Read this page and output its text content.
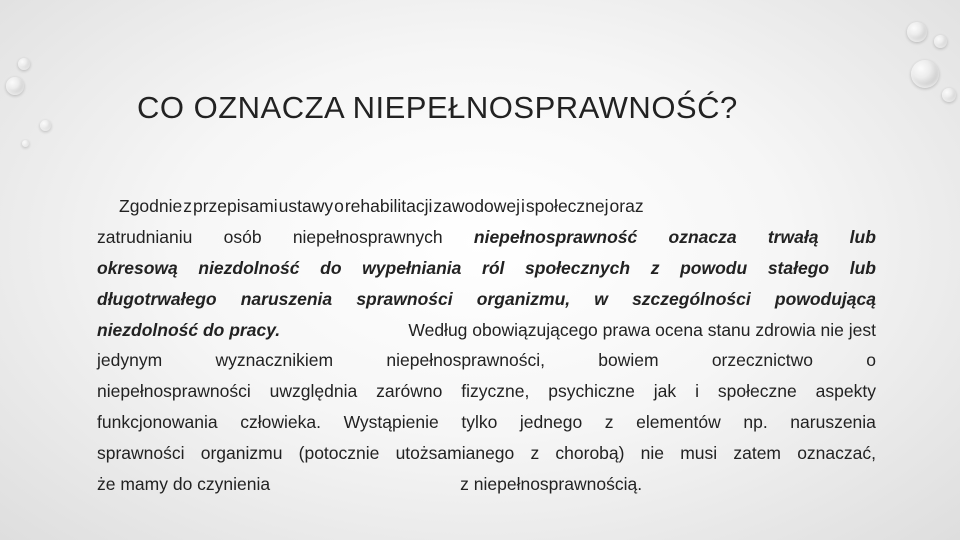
CO OZNACZA NIEPEŁNOSPRAWNOŚĆ?
Zgodnie z przepisami ustawy o rehabilitacji zawodowej i społecznej oraz
zatrudnianiu osób niepełnosprawnych niepełnosprawność oznacza trwałą lub
okresową niezdolność do wypełniania ról społecznych z powodu stałego lub
długotrwałego naruszenia sprawności organizmu, w szczególności powodującą
niezdolność do pracy.	Według obowiązującego prawa ocena stanu zdrowia nie jest
jedynym	wyznacznikiem	niepełnosprawności,	bowiem	orzecznictwo	o
niepełnosprawności uwzględnia zarówno fizyczne, psychiczne jak i społeczne aspekty
funkcjonowania człowieka. Wystąpienie tylko jednego z elementów np. naruszenia
sprawności organizmu (potocznie utożsamianego z chorobą) nie musi zatem oznaczać,
że mamy do czynienia	z niepełnosprawnością.
